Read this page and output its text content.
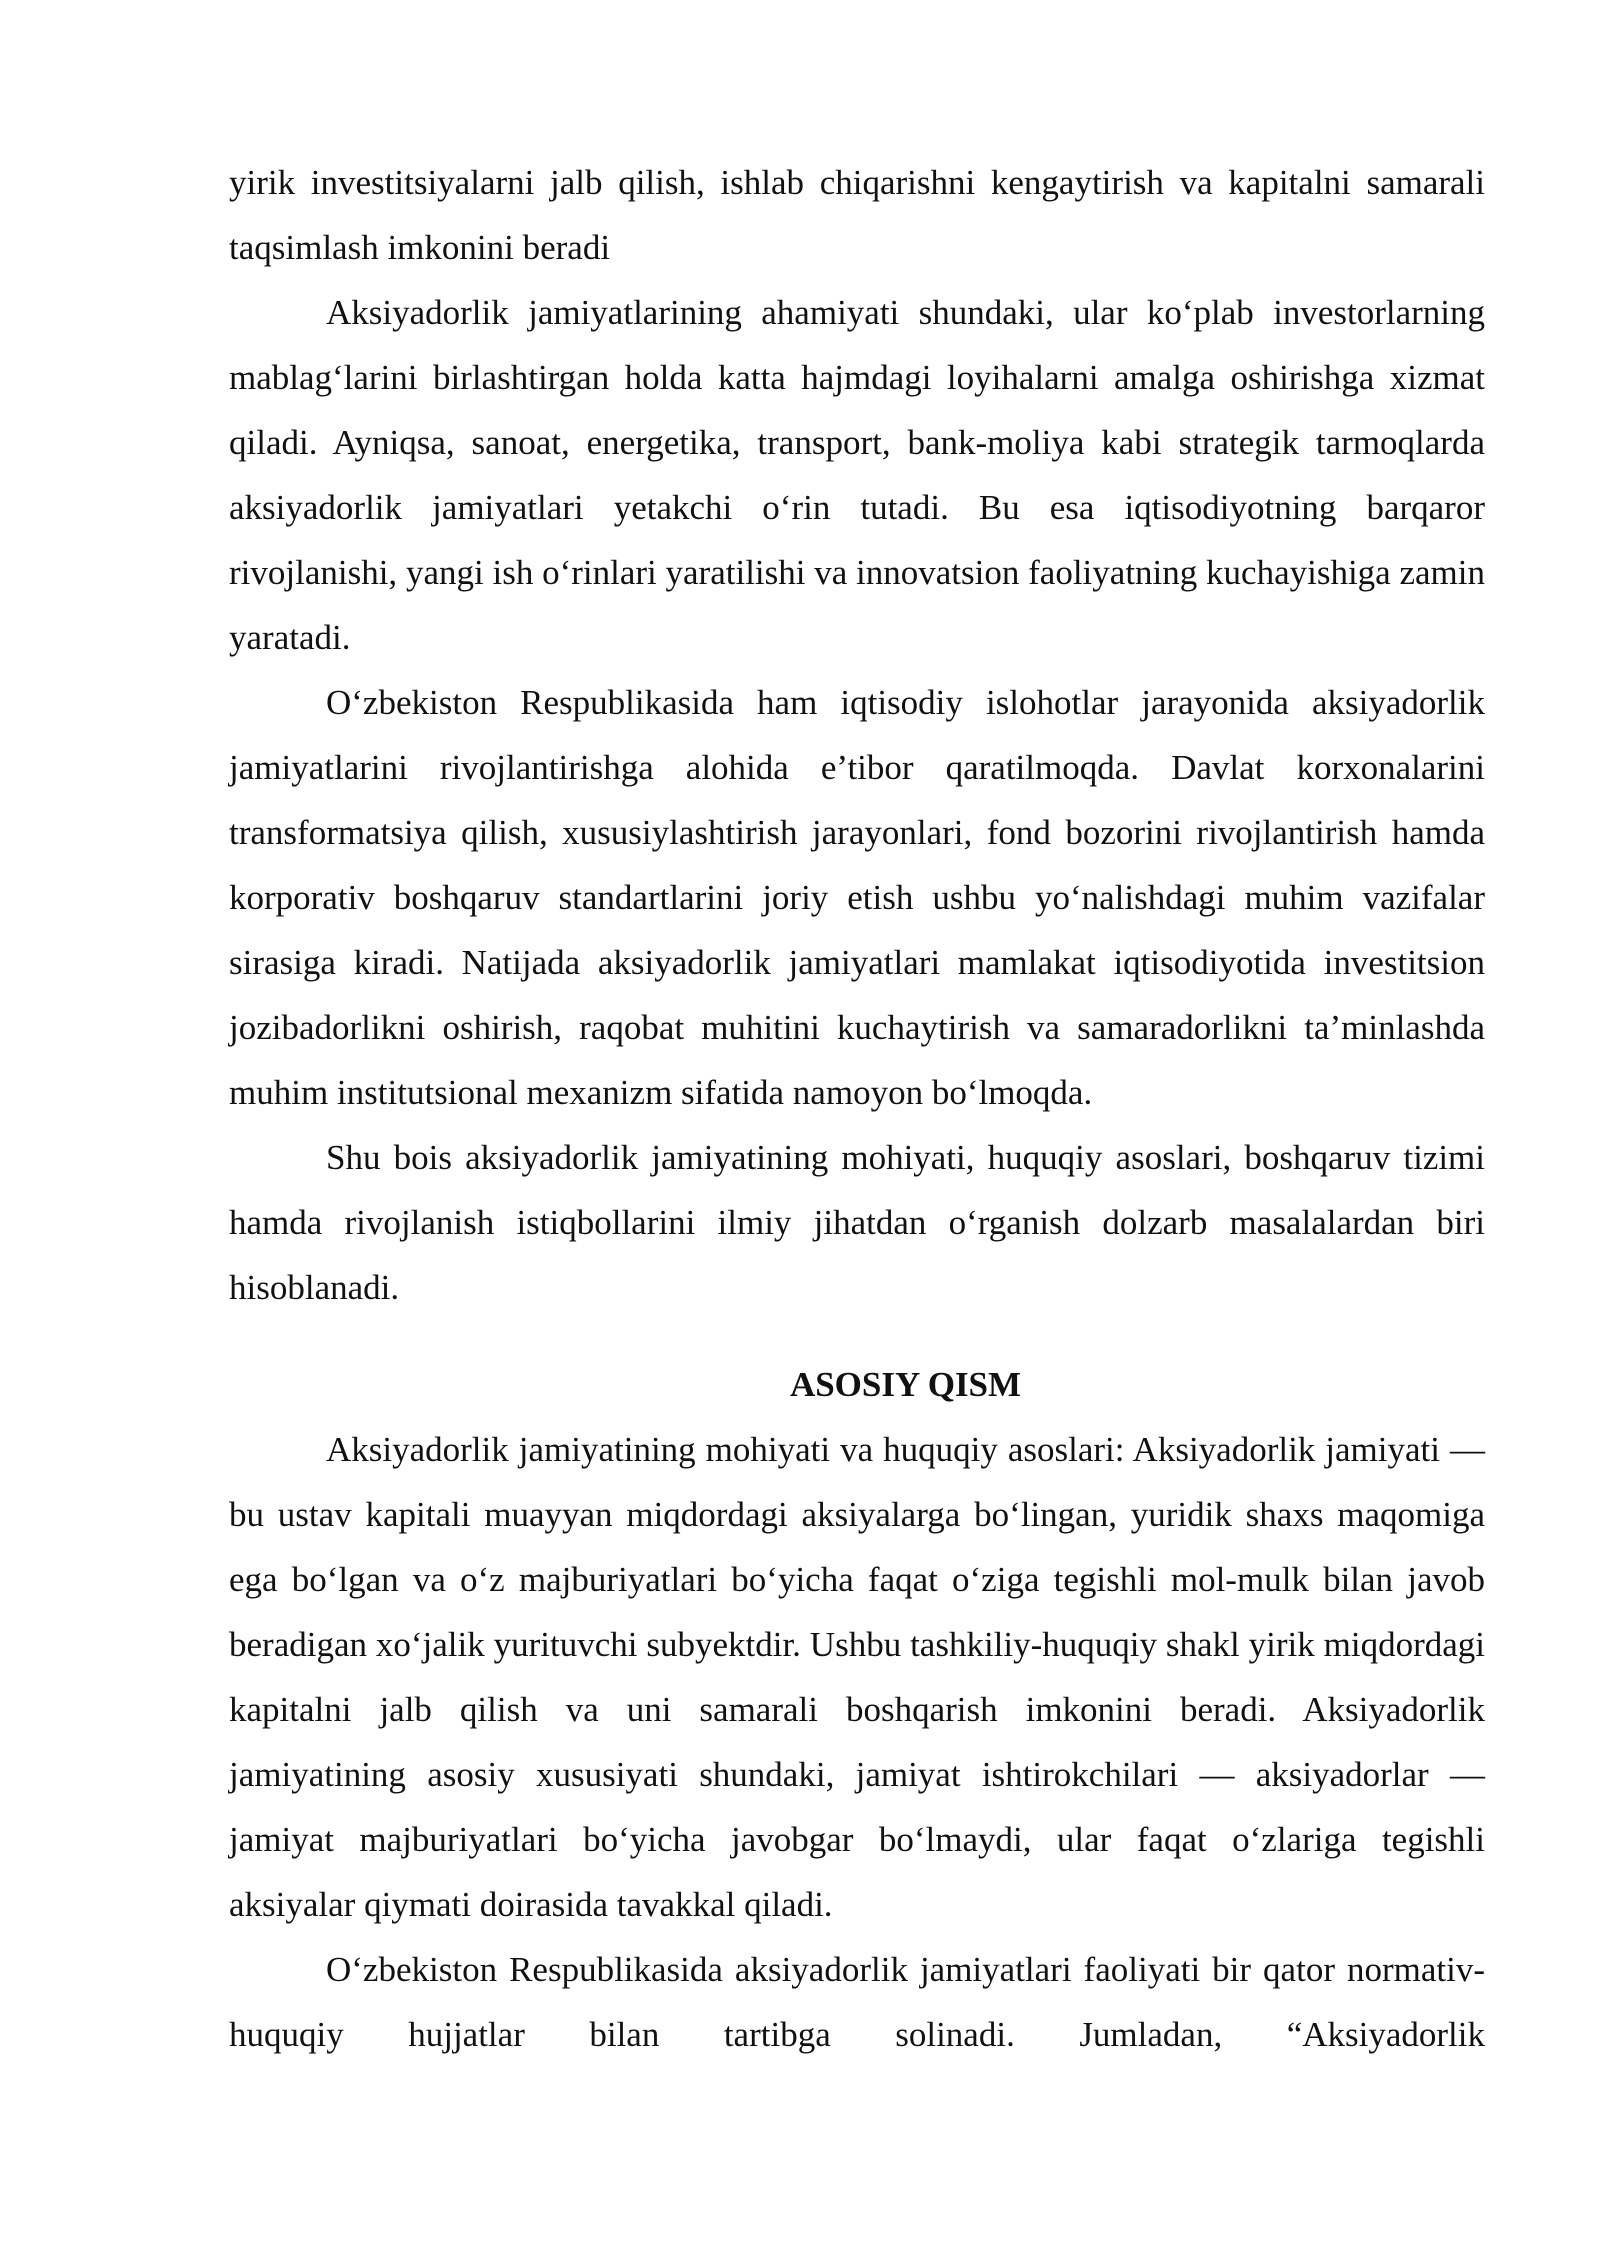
yirik investitsiyalarni jalb qilish, ishlab chiqarishni kengaytirish va kapitalni samarali taqsimlash imkonini beradi

Aksiyadorlik jamiyatlarining ahamiyati shundaki, ular ko‘plab investorlarning mablag‘larini birlashtirgan holda katta hajmdagi loyihalarni amalga oshirishga xizmat qiladi. Ayniqsa, sanoat, energetika, transport, bank-moliya kabi strategik tarmoqlarda aksiyadorlik jamiyatlari yetakchi o‘rin tutadi. Bu esa iqtisodiyotning barqaror rivojlanishi, yangi ish o‘rinlari yaratilishi va innovatsion faoliyatning kuchayishiga zamin yaratadi.

O‘zbekiston Respublikasida ham iqtisodiy islohotlar jarayonida aksiyadorlik jamiyatlarini rivojlantirishga alohida e’tibor qaratilmoqda. Davlat korxonalarini transformatsiya qilish, xususiylashtirish jarayonlari, fond bozorini rivojlantirish hamda korporativ boshqaruv standartlarini joriy etish ushbu yo‘nalishdagi muhim vazifalar sirasiga kiradi. Natijada aksiyadorlik jamiyatlari mamlakat iqtisodiyotida investitsion jozibadorlikni oshirish, raqobat muhitini kuchaytirish va samaradorlikni ta’minlashda muhim institutsional mexanizm sifatida namoyon bo‘lmoqda.

Shu bois aksiyadorlik jamiyatining mohiyati, huquqiy asoslari, boshqaruv tizimi hamda rivojlanish istiqbollarini ilmiy jihatdan o‘rganish dolzarb masalalardan biri hisoblanadi.

ASOSIY QISM

Aksiyadorlik jamiyatining mohiyati va huquqiy asoslari: Aksiyadorlik jamiyati — bu ustav kapitali muayyan miqdordagi aksiyalarga bo‘lingan, yuridik shaxs maqomiga ega bo‘lgan va o‘z majburiyatlari bo‘yicha faqat o‘ziga tegishli mol-mulk bilan javob beradigan xo‘jalik yurituvchi subyektdir. Ushbu tashkiliy-huquqiy shakl yirik miqdordagi kapitalni jalb qilish va uni samarali boshqarish imkonini beradi. Aksiyadorlik jamiyatining asosiy xususiyati shundaki, jamiyat ishtirokchilari — aksiyadorlar — jamiyat majburiyatlari bo‘yicha javobgar bo‘lmaydi, ular faqat o‘zlariga tegishli aksiyalar qiymati doirasida tavakkal qiladi.

O‘zbekiston Respublikasida aksiyadorlik jamiyatlari faoliyati bir qator normativ-huquqiy hujjatlar bilan tartibga solinadi. Jumladan, “Aksiyadorlik
